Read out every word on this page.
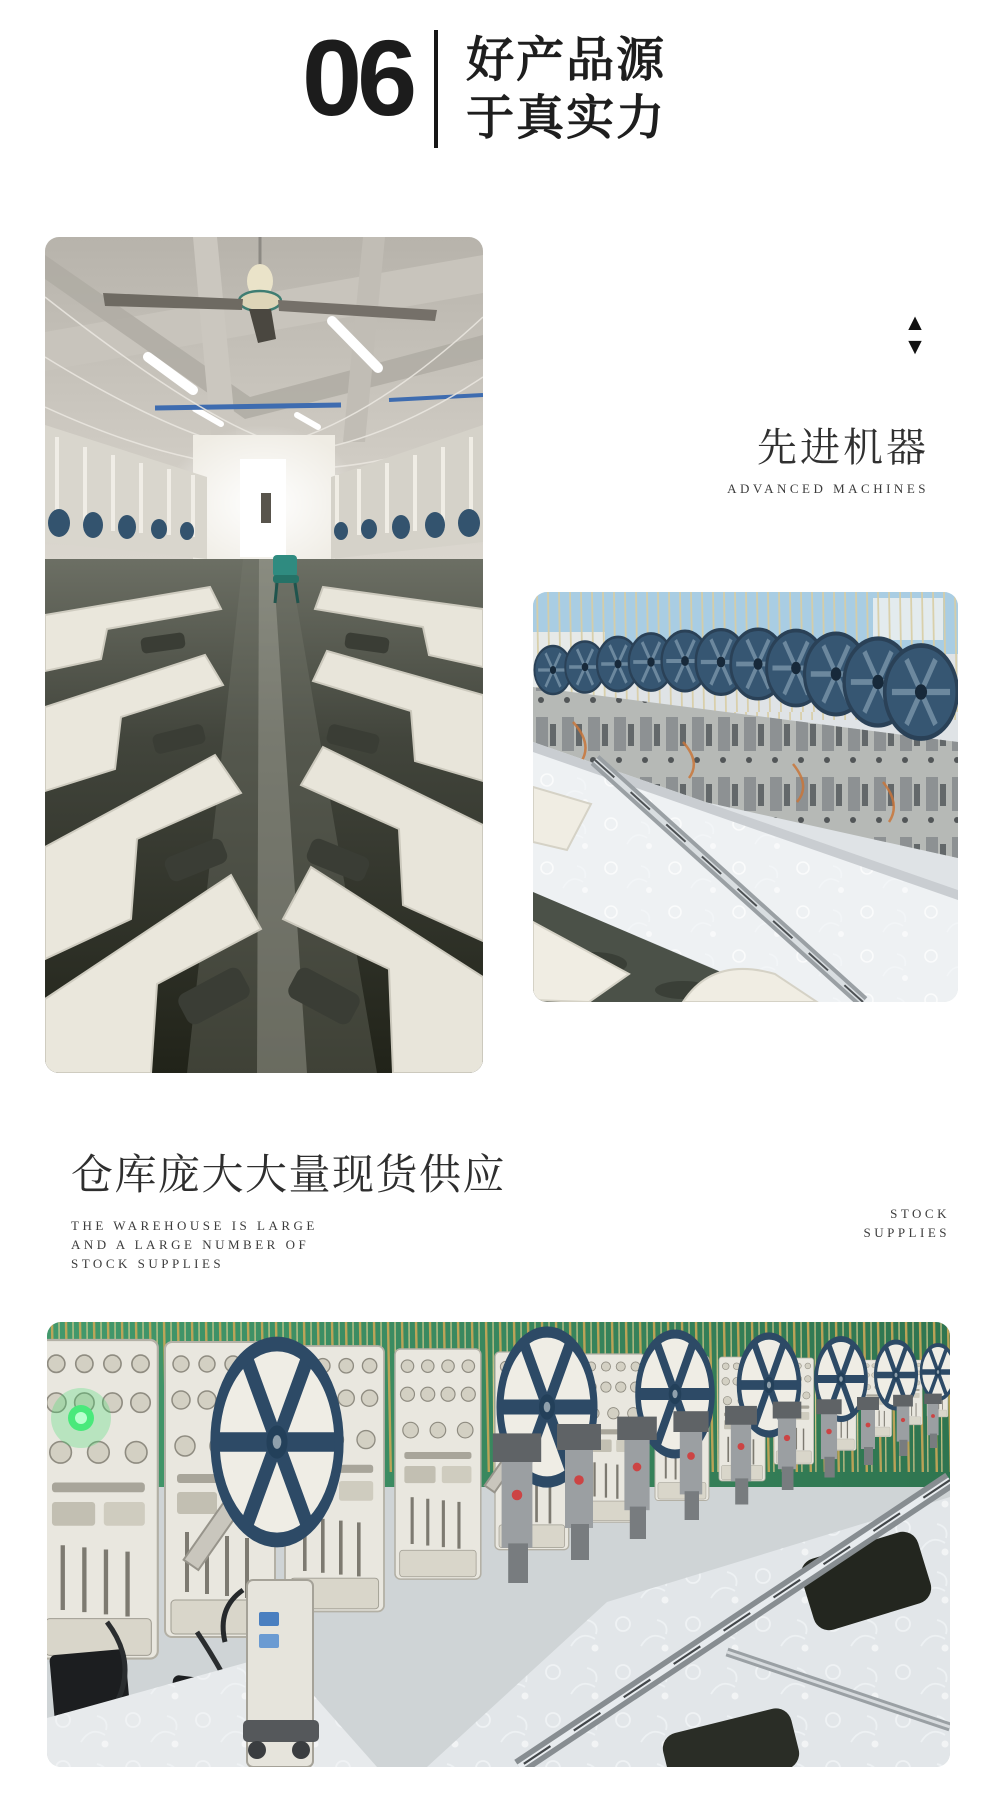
06 好产品源
于真实力
▲
▼
先进机器
ADVANCED MACHINES
仓库庞大大量现货供应
THE WAREHOUSE IS LARGE
AND A LARGE NUMBER OF
STOCK SUPPLIES
STOCK
SUPPLIES
